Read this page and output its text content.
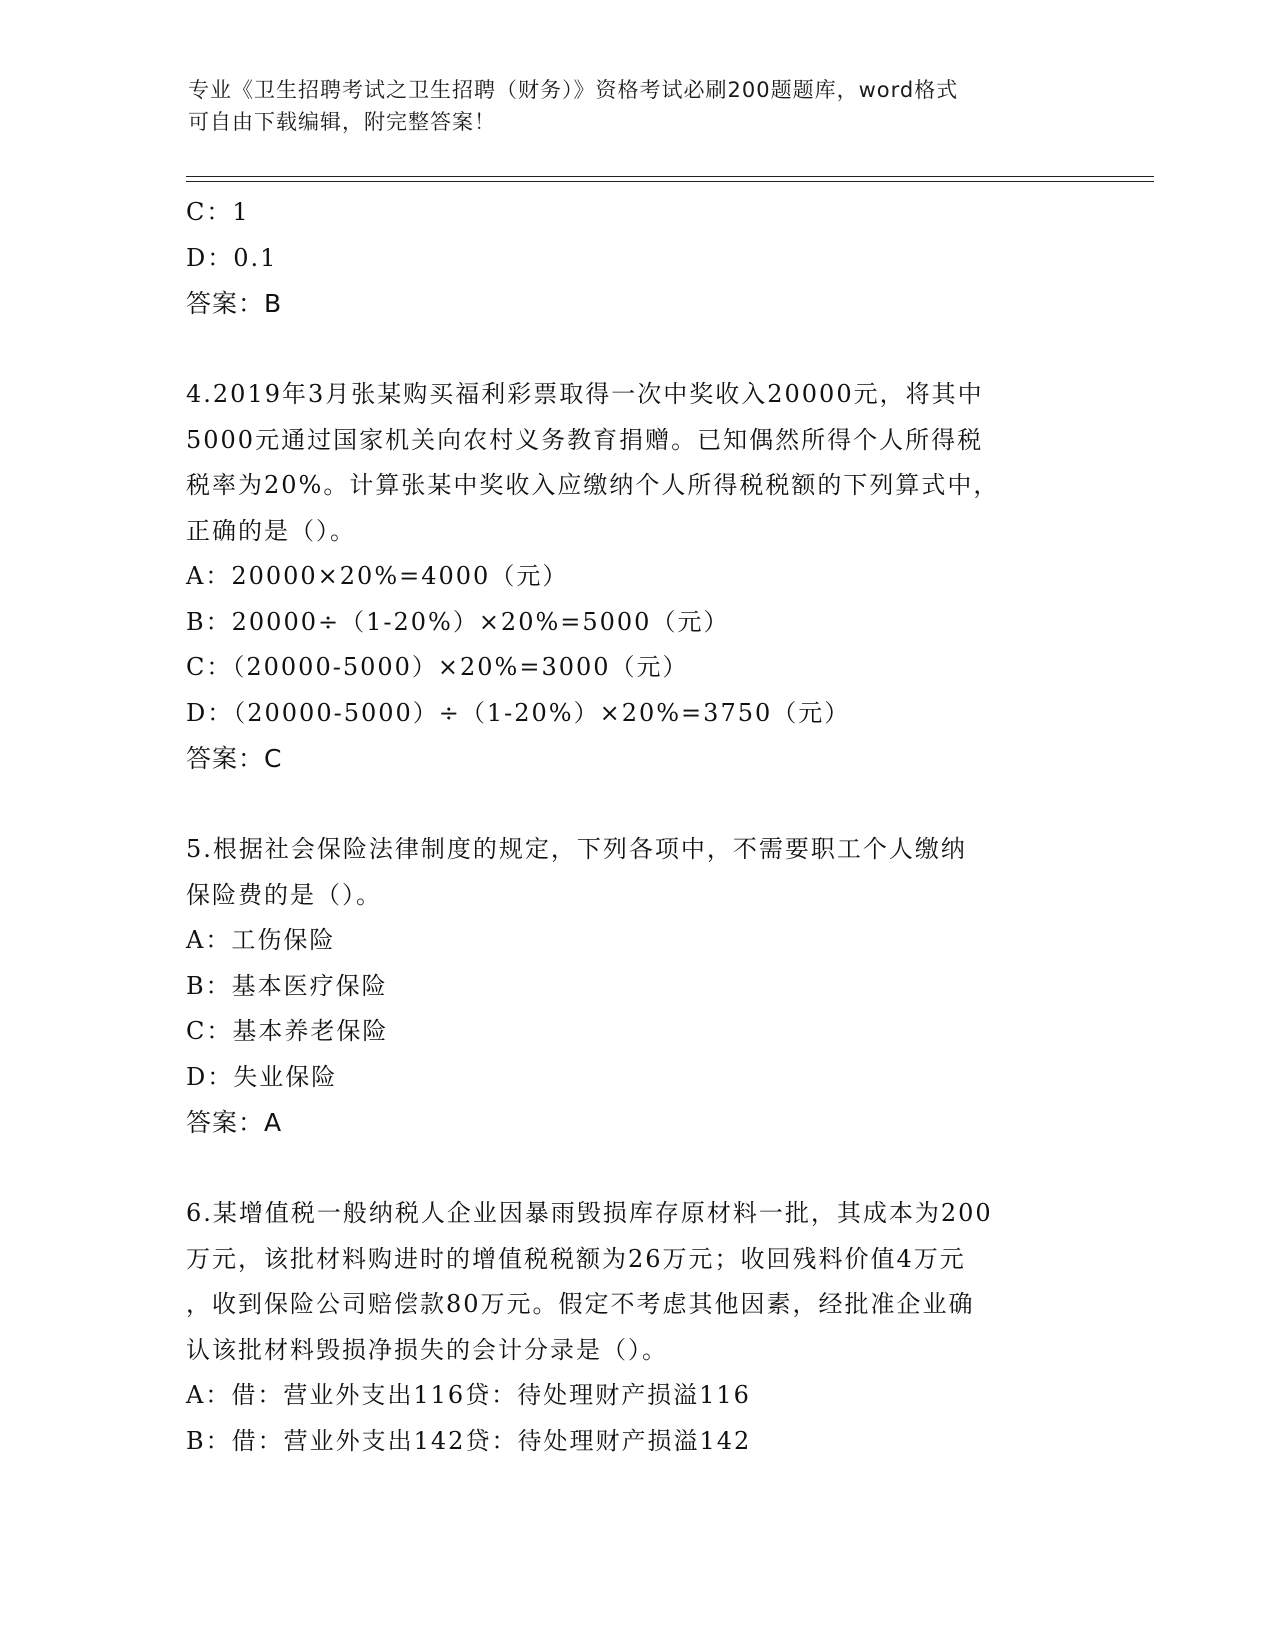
专业《卫生招聘考试之卫生招聘（财务）》资格考试必刷200题题库，word格式
可自由下载编辑，附完整答案！
C：1
D：0.1
答案：B
4.2019年3月张某购买福利彩票取得一次中奖收入20000元，将其中
5000元通过国家机关向农村义务教育捐赠。已知偶然所得个人所得税
税率为20%。计算张某中奖收入应缴纳个人所得税税额的下列算式中，
正确的是（）。
A：20000×20%=4000（元）
B：20000÷（1-20%）×20%=5000（元）
C：（20000-5000）×20%=3000（元）
D：（20000-5000）÷（1-20%）×20%=3750（元）
答案：C
5.根据社会保险法律制度的规定，下列各项中，不需要职工个人缴纳
保险费的是（）。
A：工伤保险
B：基本医疗保险
C：基本养老保险
D：失业保险
答案：A
6.某增值税一般纳税人企业因暴雨毁损库存原材料一批，其成本为200
万元，该批材料购进时的增值税税额为26万元；收回残料价值4万元
，收到保险公司赔偿款80万元。假定不考虑其他因素，经批准企业确
认该批材料毁损净损失的会计分录是（）。
A：借：营业外支出116贷：待处理财产损溢116
B：借：营业外支出142贷：待处理财产损溢142
